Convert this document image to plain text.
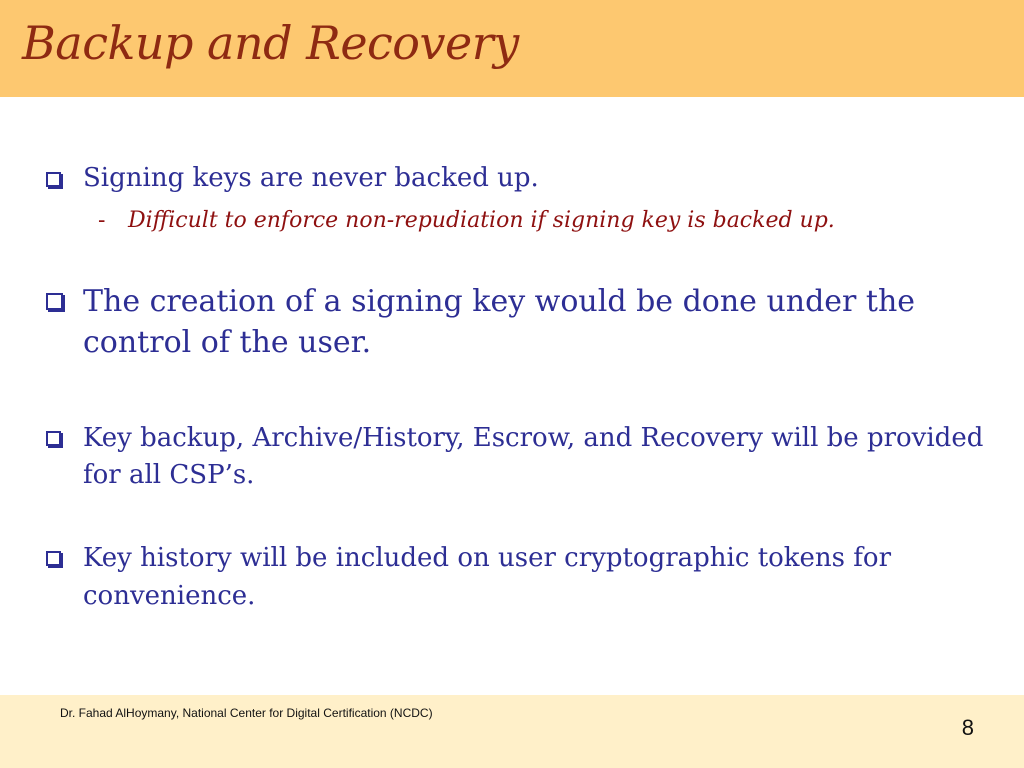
Backup and Recovery
Signing keys are never backed up.
- Difficult to enforce non-repudiation if signing key is backed up.
The creation of a signing key would be done under the control of the user.
Key backup, Archive/History, Escrow, and Recovery will be provided for all CSP’s.
Key history will be included on user cryptographic tokens for convenience.
Dr. Fahad AlHoymany, National Center for Digital Certification (NCDC)
8
